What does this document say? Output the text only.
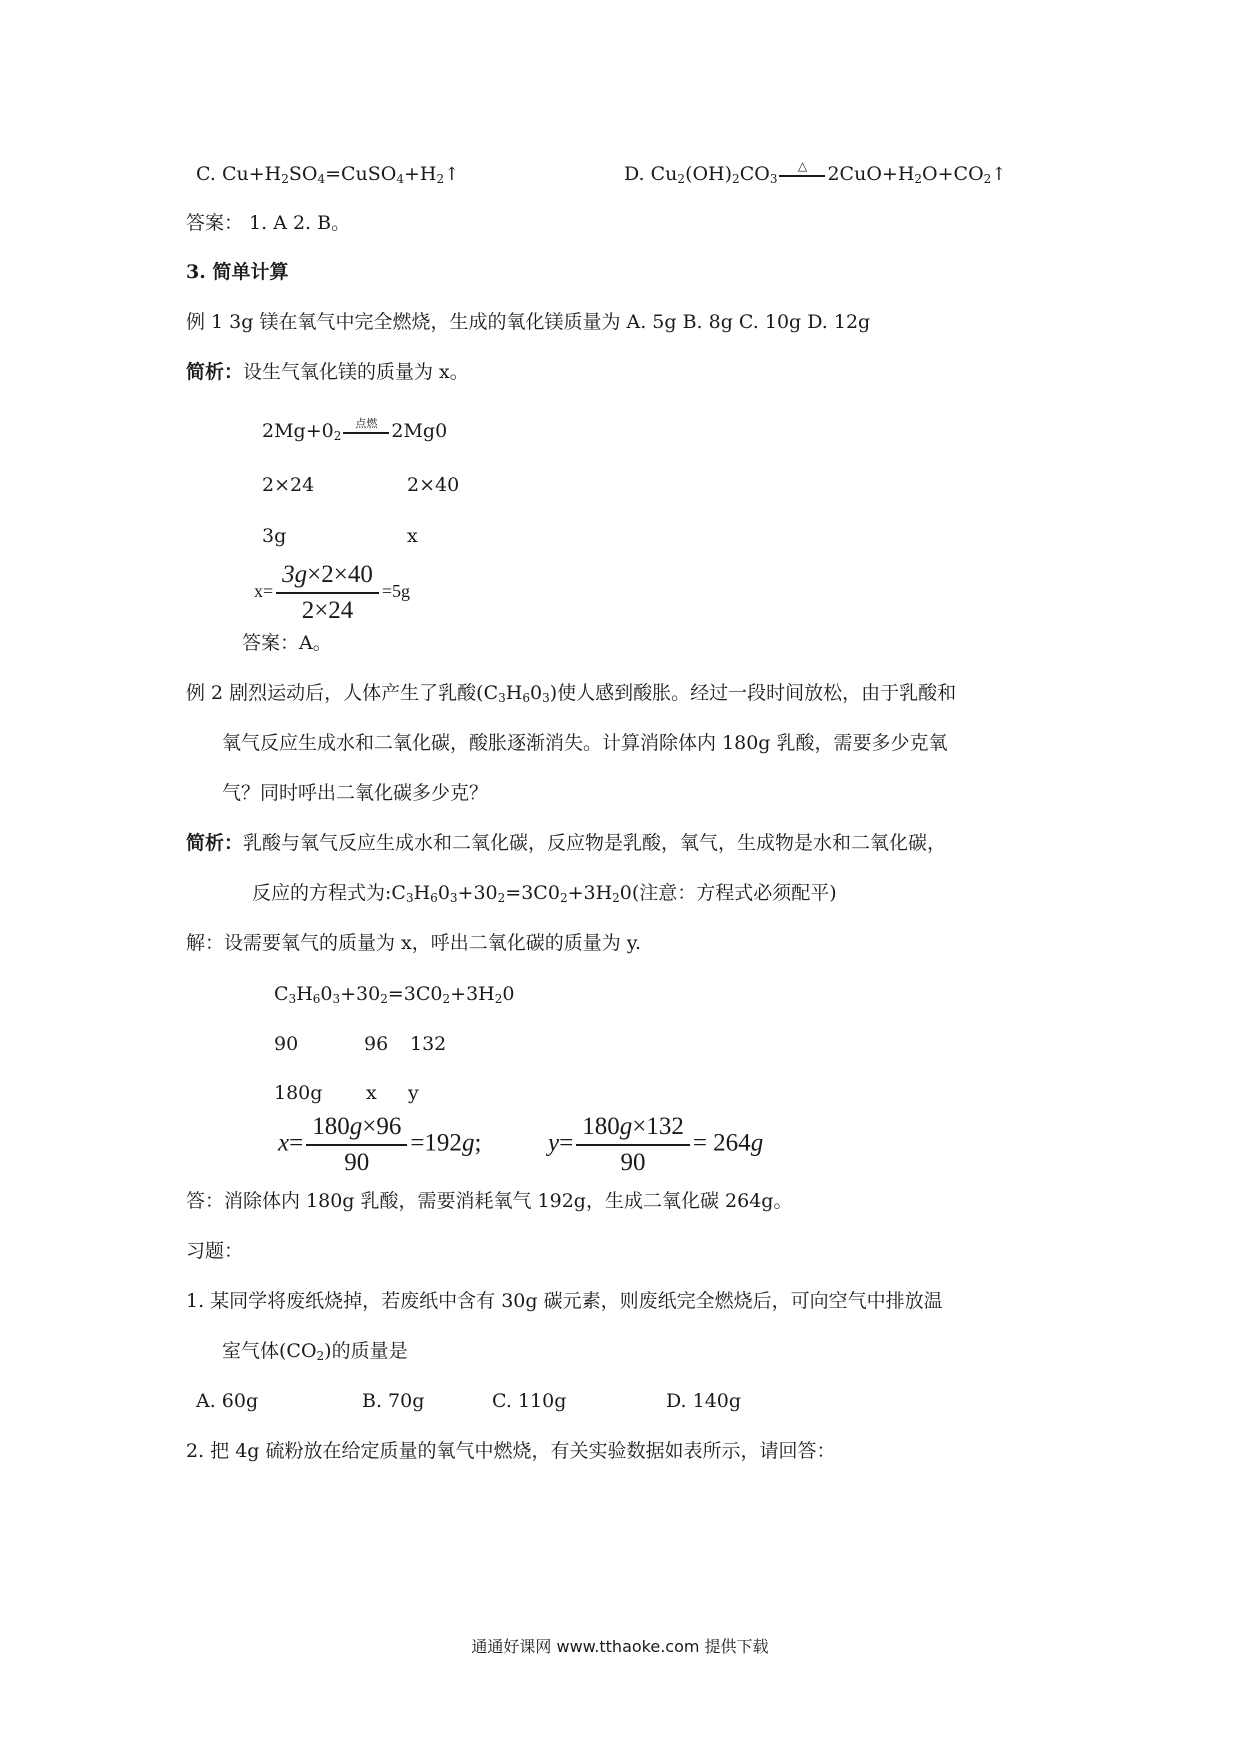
C. $Cu+H_2SO_4=CuSO_4+H_2↑$	D. $Cu_2(OH)_2CO_3$
△	$2CuO+H_2O+CO_2↑$
答案： 1. A 2. B。
3. 简单计算
例 1 3g 镁在氧气中完全燃烧，生成的氧化镁质量为 A. 5g B. 8g C. 10g D. 12g
简析：设生气氧化镁的质量为 x。
$2Mg+0_2$
点燃 2Mg0
2×24	2×40
3g	x
$x= \frac{3g\times 2\times 40}{2\times 24} =5g$
答案：A。
例 2 剧烈运动后，人体产生了乳酸$(C_3H_60_3)$使人感到酸胀。经过一段时间放松，由于乳酸和
氧气反应生成水和二氧化碳，酸胀逐渐消失。计算消除体内 180g 乳酸，需要多少克氧
气？同时呼出二氧化碳多少克？
简析：乳酸与氧气反应生成水和二氧化碳，反应物是乳酸，氧气，生成物是水和二氧化碳，
反应的方程式为$:C_3H_60_3+30_2=3C0_2+3H_20$(注意：方程式必须配平)
解：设需要氧气的质量为 x，呼出二氧化碳的质量为 y.
$C_3H_60_3+30_2=3C0_2+3H_20$
90	96 132
180g x y
$x= \frac{180g\times 96}{90} =192g$;	$y= \frac{180g\times 132}{90} = 264g$
答：消除体内 180g 乳酸，需要消耗氧气 192g，生成二氧化碳 264g。
习题：
1. 某同学将废纸烧掉，若废纸中含有 30g 碳元素，则废纸完全燃烧后，可向空气中排放温
室气体$(CO_2)$的质量是
A. 60g	B. 70g	C. 110g	D. 140g
2. 把 4g 硫粉放在给定质量的氧气中燃烧，有关实验数据如表所示，请回答：
通通好课网 www.tthaoke.com 提供下载
